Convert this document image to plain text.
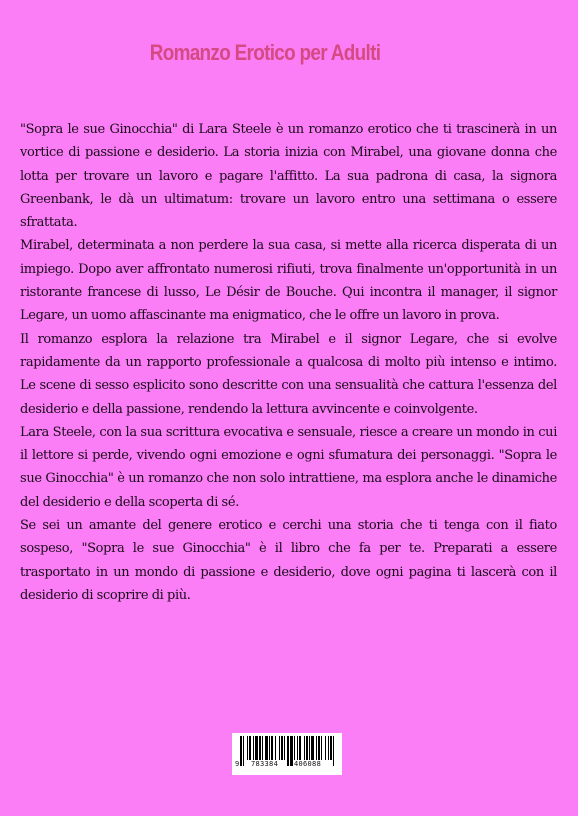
Romanzo Erotico per Adulti

"Sopra le sue Ginocchia" di Lara Steele è un romanzo erotico che ti trascinerà in un vortice di passione e desiderio. La storia inizia con Mirabel, una giovane donna che lotta per trovare un lavoro e pagare l'affitto. La sua padrona di casa, la signora Greenbank, le dà un ultimatum: trovare un lavoro entro una settimana o essere sfrattata.

Mirabel, determinata a non perdere la sua casa, si mette alla ricerca disperata di un impiego. Dopo aver affrontato numerosi rifiuti, trova finalmente un'opportunità in un ristorante francese di lusso, Le Désir de Bouche. Qui incontra il manager, il signor Legare, un uomo affascinante ma enigmatico, che le offre un lavoro in prova.

Il romanzo esplora la relazione tra Mirabel e il signor Legare, che si evolve rapidamente da un rapporto professionale a qualcosa di molto più intenso e intimo. Le scene di sesso esplicito sono descritte con una sensualità che cattura l'essenza del desiderio e della passione, rendendo la lettura avvincente e coinvolgente.

Lara Steele, con la sua scrittura evocativa e sensuale, riesce a creare un mondo in cui il lettore si perde, vivendo ogni emozione e ogni sfumatura dei personaggi. "Sopra le sue Ginocchia" è un romanzo che non solo intrattiene, ma esplora anche le dinamiche del desiderio e della scoperta di sé.

Se sei un amante del genere erotico e cerchi una storia che ti tenga con il fiato sospeso, "Sopra le sue Ginocchia" è il libro che fa per te. Preparati a essere trasportato in un mondo di passione e desiderio, dove ogni pagina ti lascerà con il desiderio di scoprire di più.

9 783384 406088
